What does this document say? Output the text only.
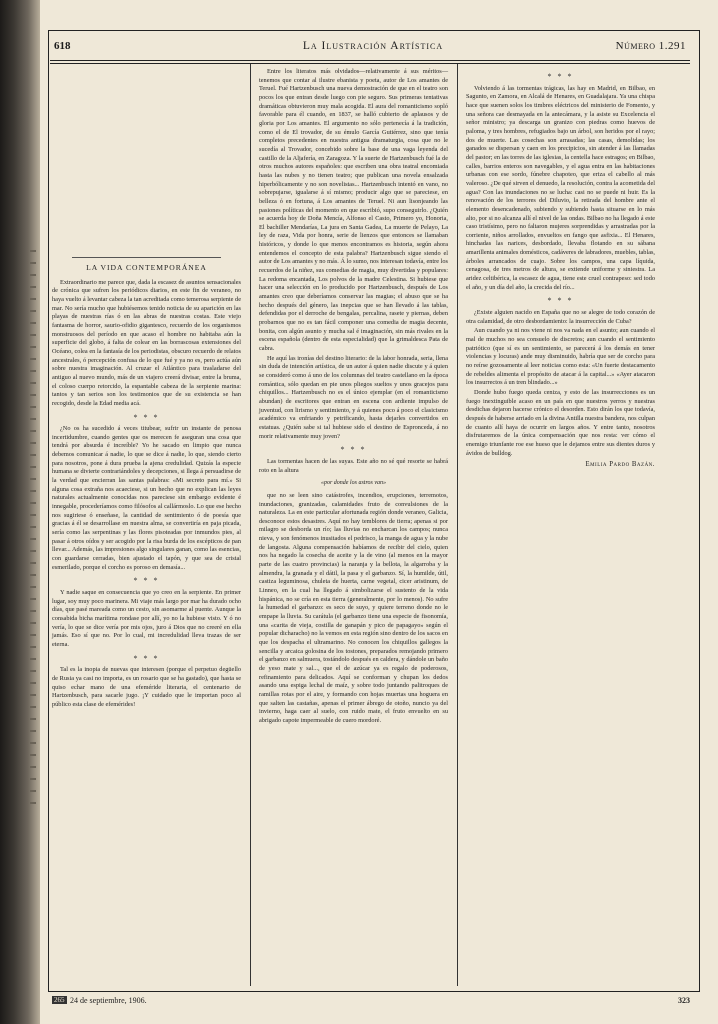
618	La Ilustración Artística	Número 1.291
LA VIDA CONTEMPORÁNEA

Extraordinario me parece que, dada la escasez de asuntos sensacionales de crónica que sufren los periódicos diarios, en este fin de veraneo, no haya vuelto á levantar cabeza la tan acreditada como temerosa serpiente de mar. No sería mucho que hubiésemos tenido noticia de su aparición en las playas de nuestras rías ó en las abras de nuestras costas. Este viejo fantasma de horror, saurio-ofidio gigantesco, recuerdo de los organismos monstruosos del período en que acaso el hombre no habitaba aún la superficie del globo, á falta de colear en las borrascosas extensiones del Océano, colea en la fantasía de los periodistas, obscuro recuerdo de relatos ancestrales, ó percepción confusa de lo que fué y ya no es, pero actúa aún sobre nuestra imaginación. Al cruzar el Atlántico para trasladarse del antiguo al nuevo mundo, más de un viajero creerá divisar, entre la bruma, el coloso cuerpo retorcido, la espantable cabeza de la serpiente marina: tantos y tan serios son los testimonios que de su existencia se han recogido, desde la Edad media acá.

* * *

¿No os ha sucedido á veces titubear, sufrir un instante de penosa incertidumbre, cuando gentes que os merecen fe aseguran una cosa que tendrá por absurda é increíble? Yo he sacado en limpio que nunca debemos comunicar á nadie, lo que se dice á nadie, lo que, siendo cierto para nosotros, pone á dura prueba la ajena credulidad. Quizás la especie humana se divierte contrariándoles y decepciones, si llega á persuadirse de la verdad que encierran las santas palabras: «Mi secreto para mí.» Si alguna cosa extraña nos acaeciese, si un hecho que no explican las leyes naturales actualmente conocidas nos pareciese sin embargo evidente é innegable, procederíamos como filósofos al callármoslo. Lo que ese hecho nos sugiriese ó enseñase, la cantidad de sentimiento ó de poesía que gracias á él se desarrollase en nuestra alma, se convertiría en paja picada, sería como las serpentinas y las flores pisoteadas por inmundos pies, al pasar á otros oídos y ser acogido por la risa burda de los escépticos de pan llevar... Además, las impresiones algo singulares ganan, como las esencias, con guardarse cerradas, bien ajustado el tapón, y que sea de cristal esmerilado, porque el corcho es poroso en demasía...

* * *

Y nadie saque en consecuencia que yo creo en la serpiente. En primer lugar, soy muy poco marinera. Mi viaje más largo por mar ha durado ocho días, que pasé mareada como un cesto, sin asomarme al puente. Aunque la consabida bicha marítima rondase por allí, yo no la hubiese visto. Y ó no vería, lo que se dice vería por mis ojos, juro á Dios que no creeré en ella jamás. Eso sí que no. Por lo cual, mi incredulidad lleva trazas de ser eterna.

* * *

Tal es la inopia de nuevas que interesen (porque el perpetuo degüello de Rusia ya casi no importa, es un rosario que se ha gastado), que hasta se quiso echar mano de una efeméride literaria, el centenario de Hartzenbusch, para sacarle jugo. ¡Y cuidado que le importan poco al público esta clase de efemérides!

Entre los literatos más olvidados—relativamente á sus méritos—tenemos que contar al ilustre ebanista y poeta, autor de Los amantes de Teruel. Fué Hartzenbusch una nueva demostración de que en el teatro son pocos los que entran desde luego con pie seguro. Sus primeras tentativas dramáticas obtuvieron muy mala acogida. El aura del romanticismo sopló favorable para él cuando, en 1837, se halló cubierto de aplausos y de gloria por Los amantes. El argumento no sólo pertenecía á la tradición, como el de El trovador, de su émulo García Gutiérrez, sino que tenía completos precedentes en nuestra antigua dramaturgia, cosa que no le sucedía al Trovador, concebido sobre la base de una vaga leyenda del castillo de la Aljafería, en Zaragoza. Y la suerte de Hartzenbusch fué la de otros muchos autores españoles: que escriben una obra teatral encomiada hasta las nubes y no tienen teatro; que publican una novela ensalzada hiperbólicamente y no son novelistas... Hartzenbusch intentó en vano, no sobrepujarse, igualarse á sí mismo; producir algo que se pareciese, en belleza ó en fortuna, á Los amantes de Teruel. Ni aun lisonjeando las pasiones políticas del momento en que escribió, supo conseguirlo. ¿Quién se acuerda hoy de Doña Mencía, Alfonso el Casto, Primero yo, Honoria, El bachiller Mendarías, La jura en Santa Gadea, La muerte de Pelayo, La ley de raza, Vida por honra, serie de lienzos que entonces se llamaban históricos, y donde lo que menos encontramos es historia, según ahora entendemos el concepto de esta palabra? Hartzenbusch sigue siendo el autor de Los amantes y no más. Á lo sumo, nos interesan todavía, entre los recuerdos de la niñez, sus comedias de magia, muy divertidas y populares: La redoma encantada, Los polvos de la madre Celestina. Si hubiese que hacer una selección en lo producido por Hartzenbusch, después de Los amantes creo que deberíamos conservar las magias; el abuso que se ha hecho después del género, las inepcias que se han llevado á las tablas, defendidas por el derroche de bengalas, percalina, rasete y piernas, deben probarnos que no es tan fácil componer una comedia de magia decente, bonita, con algún asunto y mucha sal é imaginación, sin más rivales en la escena española (dentro de esta especialidad) que la grimaldesca Pata de cabra.

He aquí las ironías del destino literario: de la labor honrada, seria, llena sin duda de intención artística, de un autor á quien nadie discute y á quien se consideró como á uno de los columnas del teatro castellano en la época romántica, sólo quedan en pie unos pliegos sueltos y unos gracejos para chiquillos... Hartzenbusch no es el único ejemplar (en el romanticismo abundan) de escritores que entran en escena con ardiente impulso de juventud, con lirismo y sentimiento, y á quienes poco á poco el clasicismo académico va enfriando y petrificando, hasta dejarles convertidos en estatuas. ¿Quién sabe si tal hubiese sido el destino de Espronceda, á no morir relativamente muy joven?

* * *

Las tormentas hacen de las suyas. Este año no sé qué resorte se habrá roto en la altura

«por donde los astros van»

que no se leen sino catástrofes, incendios, erupciones, terremotos, inundaciones, granizadas, calamidades fruto de convulsiones de la naturaleza. La en este particular afortunada región donde veraneo, Galicia, desconoce estos desastres. Aquí no hay temblores de tierra; apenas si por milagro se desborda un río; las lluvias no encharcan los campos; nunca nieva, y son fenómenos inusitados el pedrisco, la manga de agua y la nube de langosta. Alguna compensación habíamos de recibir del cielo, quien nos ha negado la cosecha de aceite y la de vino (al menos en la mayor parte de las cuatro provincias) la naranja y la bellota, la algarroba y la almendra, la granada y el dátil, la pasa y el garbanzo. Sí, la humilde, útil, castiza leguminosa, chuleta de huerta, carne vegetal, cicer aristinum, de Linneo, en la cual ha llegado á simbolizarse el sustento de la vida hispánica, no se cría en esta tierra (generalmente, por lo menos). No sufre la humedad el garbanzo: es seco de suyo, y quiere terreno donde no le empape la lluvia. Su carátula (el garbanzo tiene una especie de fisonomía, una «carita de vieja, costilla de ganapán y pico de papagayo» según el popular dicharacho) no la vemos en esta región sino dentro de los sacos en que los despacha el ultramarino. No conocen los chiquillos gallegos la sencilla y arcaica golosina de los tostones, preparados remojando primero el garbanzo en salmuera, tostándolo después en caldera, y dándole un baño de yeso mate y sal..., que el de azúcar ya es regalo de poderosos, refinamiento para delicados. Aquí se conforman y chupan los dedos asando una espiga lechal de maíz, y sobre todo juntando palitroques de ramillas rotas por el aire, y formando con hojas muertas una hoguera en que salten las castañas, apenas el primer ábrego de otoño, nuncio ya del invierno, haga caer al suelo, con ruido mate, el fruto envuelto en su abrigado capote impermeable de cuero mordoré.

* * *

Volviendo á las tormentas trágicas, las hay en Madrid, en Bilbao, en Sagunto, en Zamora, en Alcalá de Henares, en Guadalajara. Ya una chispa hace que suenen solos los timbres eléctricos del ministerio de Fomento, y una señora cae desmayada en la antecámara, y la asiste su Excelencia el señor ministro; ya descarga un granizo con piedras como huevos de paloma, y tres hombres, refugiados bajo un árbol, son heridos por el rayo; dos de muerte. Las cosechas son arrasadas; las casas, demolidas; los ganados se dispersan y caen en los precipicios, sin atender á las llamadas del pastor; en las torres de las iglesias, la centella hace estragos; en Bilbao, calles, barrios enteros son navegables, y el agua entra en las habitaciones urbanas con ese sordo, fúnebre chapoteo, que eriza el cabello al más valeroso. ¿De qué sirven el denuedo, la resolución, contra la acometida del agua? Con las inundaciones no se lucha: casi no se puede ni huir. Es la renovación de los terrores del Diluvio, la retirada del hombre ante el elemento desencadenado, subiendo y subiendo hasta situarse en lo más alto, por si no alcanza allí el nivel de las ondas. Bilbao no ha llegado á este caso tristísimo, pero no faltaron mujeres sorprendidas y arrastradas por la corriente, niños arrollados, envueltos en fango que asfixia... El Henares, hinchadas las narices, desbordado, llevaba flotando en su sábana amarillenta animales domésticos, cadáveres de labradores, muebles, tablas, árboles arrancados de cuajo. Sobre los campos, una capa líquida, cenagosa, de tres metros de altura, se extiende uniforme y siniestra. La aridez celtibérica, la escasez de agua, tiene este cruel contrapeso: sed todo el año, y un día del año, la crecida del río...

* * *

¿Existe alguien nacido en España que no se alegre de todo corazón de otra calamidad, de otro desbordamiento: la insurrección de Cuba?

Aun cuando ya ni nos viene ni nos va nada en el asunto; aun cuando el mal de muchos no sea consuelo de discretos; aun cuando el sentimiento patriótico (que sí es un sentimiento, se parecerá á los demás en tener violencias y locuras) ande muy disminuido, habría que ser de corcho para no reírse gozosamente al leer noticias como esta: «Un fuerte destacamento de rebeldes alimenta el propósito de atacar á la capital...» «Ayer atacaron los insurrectos á un tren blindado...»

Donde hubo fuego queda ceniza, y esto de las insurrecciones es un fuego inextinguible acaso en un país en que nuestros yerros y nuestras desdichas dejaron hacerse crónico el desorden. Esto dirán los que todavía, después de haberse arriado en la divina Antilla nuestra bandera, nos culpan de cuanto allí haya de ocurrir en largos años. Y entre tanto, nosotros disfrutaremos de la única compensación que nos resta: ver cómo el enemigo triunfante roe ese hueso que le dejamos entre sus dientes duros y ávidos de bulldog.

Emilia Pardo Bazán.
265 24 de septiembre, 1906.	323
